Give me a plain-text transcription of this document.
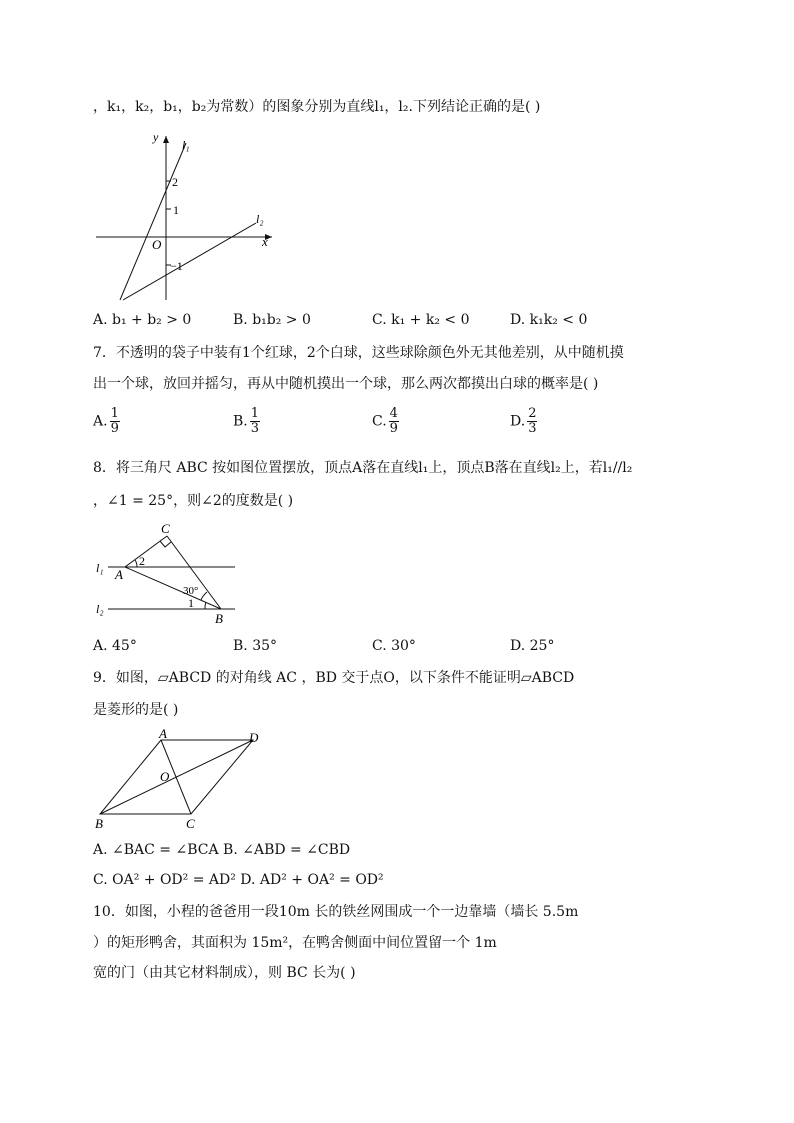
，k₁，k₂，b₁，b₂为常数）的图象分别为直线l₁，l₂.下列结论正确的是( )
y
x
O
l₁
l₂
2
1
−1
A. b₁ + b₂ > 0	B. b₁b₂ > 0	C. k₁ + k₂ < 0	D. k₁k₂ < 0
7．不透明的袋子中装有1个红球，2个白球，这些球除颜色外无其他差别，从中随机摸
出一个球，放回并摇匀，再从中随机摸出一个球，那么两次都摸出白球的概率是( )
A. $\frac{1}{9}$	B. $\frac{1}{3}$	C. $\frac{4}{9}$	D. $\frac{2}{3}$
8．将三角尺 ABC 按如图位置摆放，顶点A落在直线l₁上，顶点B落在直线l₂上，若l₁//l₂
，∠1 = 25°，则∠2的度数是( )
C
A
B
2
1
30°
l₁
l₂
A. 45°	B. 35°	C. 30°	D. 25°
9．如图，▱ABCD 的对角线 AC ，BD 交于点O，以下条件不能证明▱ABCD
是菱形的是( )
A	D
C
B
O
A. ∠BAC = ∠BCA B. ∠ABD = ∠CBD
C. OA² + OD² = AD² D. AD² + OA² = OD²
10．如图，小程的爸爸用一段10m 长的铁丝网围成一个一边靠墙（墙长 5.5m
）的矩形鸭舍，其面积为 15m²，在鸭舍侧面中间位置留一个 1m
宽的门（由其它材料制成），则 BC 长为( )
